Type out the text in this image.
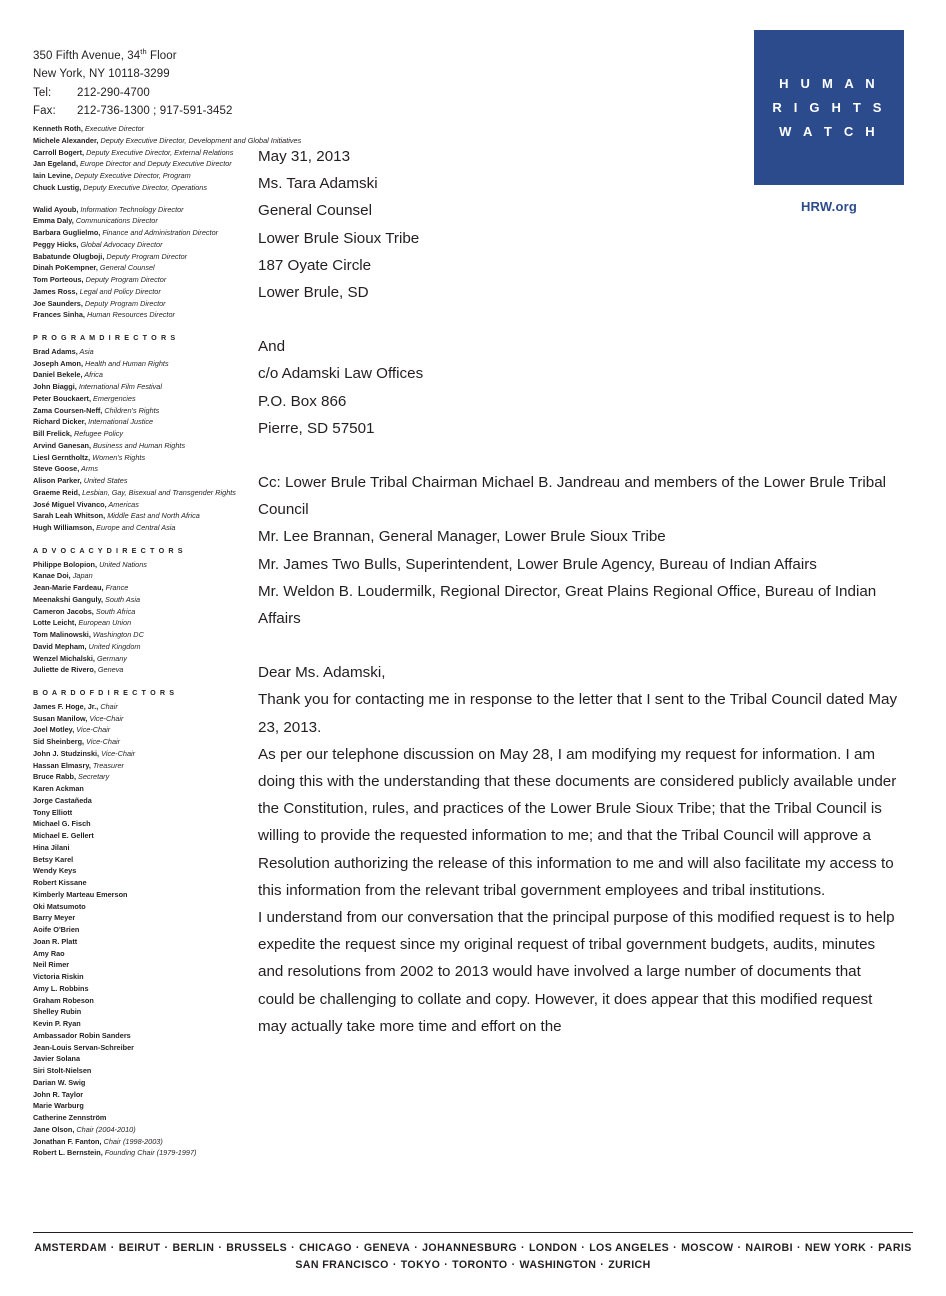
350 Fifth Avenue, 34th Floor
New York, NY 10118-3299
Tel: 212-290-4700
Fax: 212-736-1300 ; 917-591-3452
H U M A N
R I G H T S
W A T C H
HRW.org
Kenneth Roth, Executive Director
Michele Alexander, Deputy Executive Director, Development and Global Initiatives
Carroll Bogert, Deputy Executive Director, External Relations
Jan Egeland, Europe Director and Deputy Executive Director
Iain Levine, Deputy Executive Director, Program
Chuck Lustig, Deputy Executive Director, Operations
Walid Ayoub, Information Technology Director
Emma Daly, Communications Director
Barbara Guglielmo, Finance and Administration Director
Peggy Hicks, Global Advocacy Director
Babatunde Olugboji, Deputy Program Director
Dinah PoKempner, General Counsel
Tom Porteous, Deputy Program Director
James Ross, Legal and Policy Director
Joe Saunders, Deputy Program Director
Frances Sinha, Human Resources Director
P R O G R A M D I R E C T O R S
Brad Adams, Asia
Joseph Amon, Health and Human Rights
Daniel Bekele, Africa
John Biaggi, International Film Festival
Peter Bouckaert, Emergencies
Zama Coursen-Neff, Children's Rights
Richard Dicker, International Justice
Bill Frelick, Refugee Policy
Arvind Ganesan, Business and Human Rights
Liesl Gerntholtz, Women's Rights
Steve Goose, Arms
Alison Parker, United States
Graeme Reid, Lesbian, Gay, Bisexual and Transgender Rights
José Miguel Vivanco, Americas
Sarah Leah Whitson, Middle East and North Africa
Hugh Williamson, Europe and Central Asia
A D V O C A C Y D I R E C T O R S
Philippe Bolopion, United Nations
Kanae Doi, Japan
Jean-Marie Fardeau, France
Meenakshi Ganguly, South Asia
Cameron Jacobs, South Africa
Lotte Leicht, European Union
Tom Malinowski, Washington DC
David Mepham, United Kingdom
Wenzel Michalski, Germany
Juliette de Rivero, Geneva
B O A R D O F D I R E C T O R S
James F. Hoge, Jr., Chair
Susan Manilow, Vice-Chair
Joel Motley, Vice-Chair
Sid Sheinberg, Vice-Chair
John J. Studzinski, Vice-Chair
Hassan Elmasry, Treasurer
Bruce Rabb, Secretary
Karen Ackman
Jorge Castañeda
Tony Elliott
Michael G. Fisch
Michael E. Gellert
Hina Jilani
Betsy Karel
Wendy Keys
Robert Kissane
Kimberly Marteau Emerson
Oki Matsumoto
Barry Meyer
Aoife O'Brien
Joan R. Platt
Amy Rao
Neil Rimer
Victoria Riskin
Amy L. Robbins
Graham Robeson
Shelley Rubin
Kevin P. Ryan
Ambassador Robin Sanders
Jean-Louis Servan-Schreiber
Javier Solana
Siri Stolt-Nielsen
Darian W. Swig
John R. Taylor
Marie Warburg
Catherine Zennström
Jane Olson, Chair (2004-2010)
Jonathan F. Fanton, Chair (1998-2003)
Robert L. Bernstein, Founding Chair (1979-1997)

May 31, 2013

Ms. Tara Adamski

General Counsel

Lower Brule Sioux Tribe

187 Oyate Circle

Lower Brule, SD

And

c/o Adamski Law Offices

P.O. Box 866

Pierre, SD 57501

Cc: Lower Brule Tribal Chairman Michael B. Jandreau and members of the Lower Brule Tribal Council

Mr. Lee Brannan, General Manager, Lower Brule Sioux Tribe

Mr. James Two Bulls, Superintendent, Lower Brule Agency, Bureau of Indian Affairs

Mr. Weldon B. Loudermilk, Regional Director, Great Plains Regional Office, Bureau of Indian Affairs

Dear Ms. Adamski,

Thank you for contacting me in response to the letter that I sent to the Tribal Council dated May 23, 2013.

As per our telephone discussion on May 28, I am modifying my request for information. I am doing this with the understanding that these documents are considered publicly available under the Constitution, rules, and practices of the Lower Brule Sioux Tribe; that the Tribal Council is willing to provide the requested information to me; and that the Tribal Council will approve a Resolution authorizing the release of this information to me and will also facilitate my access to this information from the relevant tribal government employees and tribal institutions.

I understand from our conversation that the principal purpose of this modified request is to help expedite the request since my original request of tribal government budgets, audits, minutes and resolutions from 2002 to 2013 would have involved a large number of documents that could be challenging to collate and copy. However, it does appear that this modified request may actually take more time and effort on the

AMSTERDAM · BEIRUT · BERLIN · BRUSSELS · CHICAGO · GENEVA · JOHANNESBURG · LONDON · LOS ANGELES · MOSCOW · NAIROBI · NEW YORK · PARIS
SAN FRANCISCO · TOKYO · TORONTO · WASHINGTON · ZURICH
